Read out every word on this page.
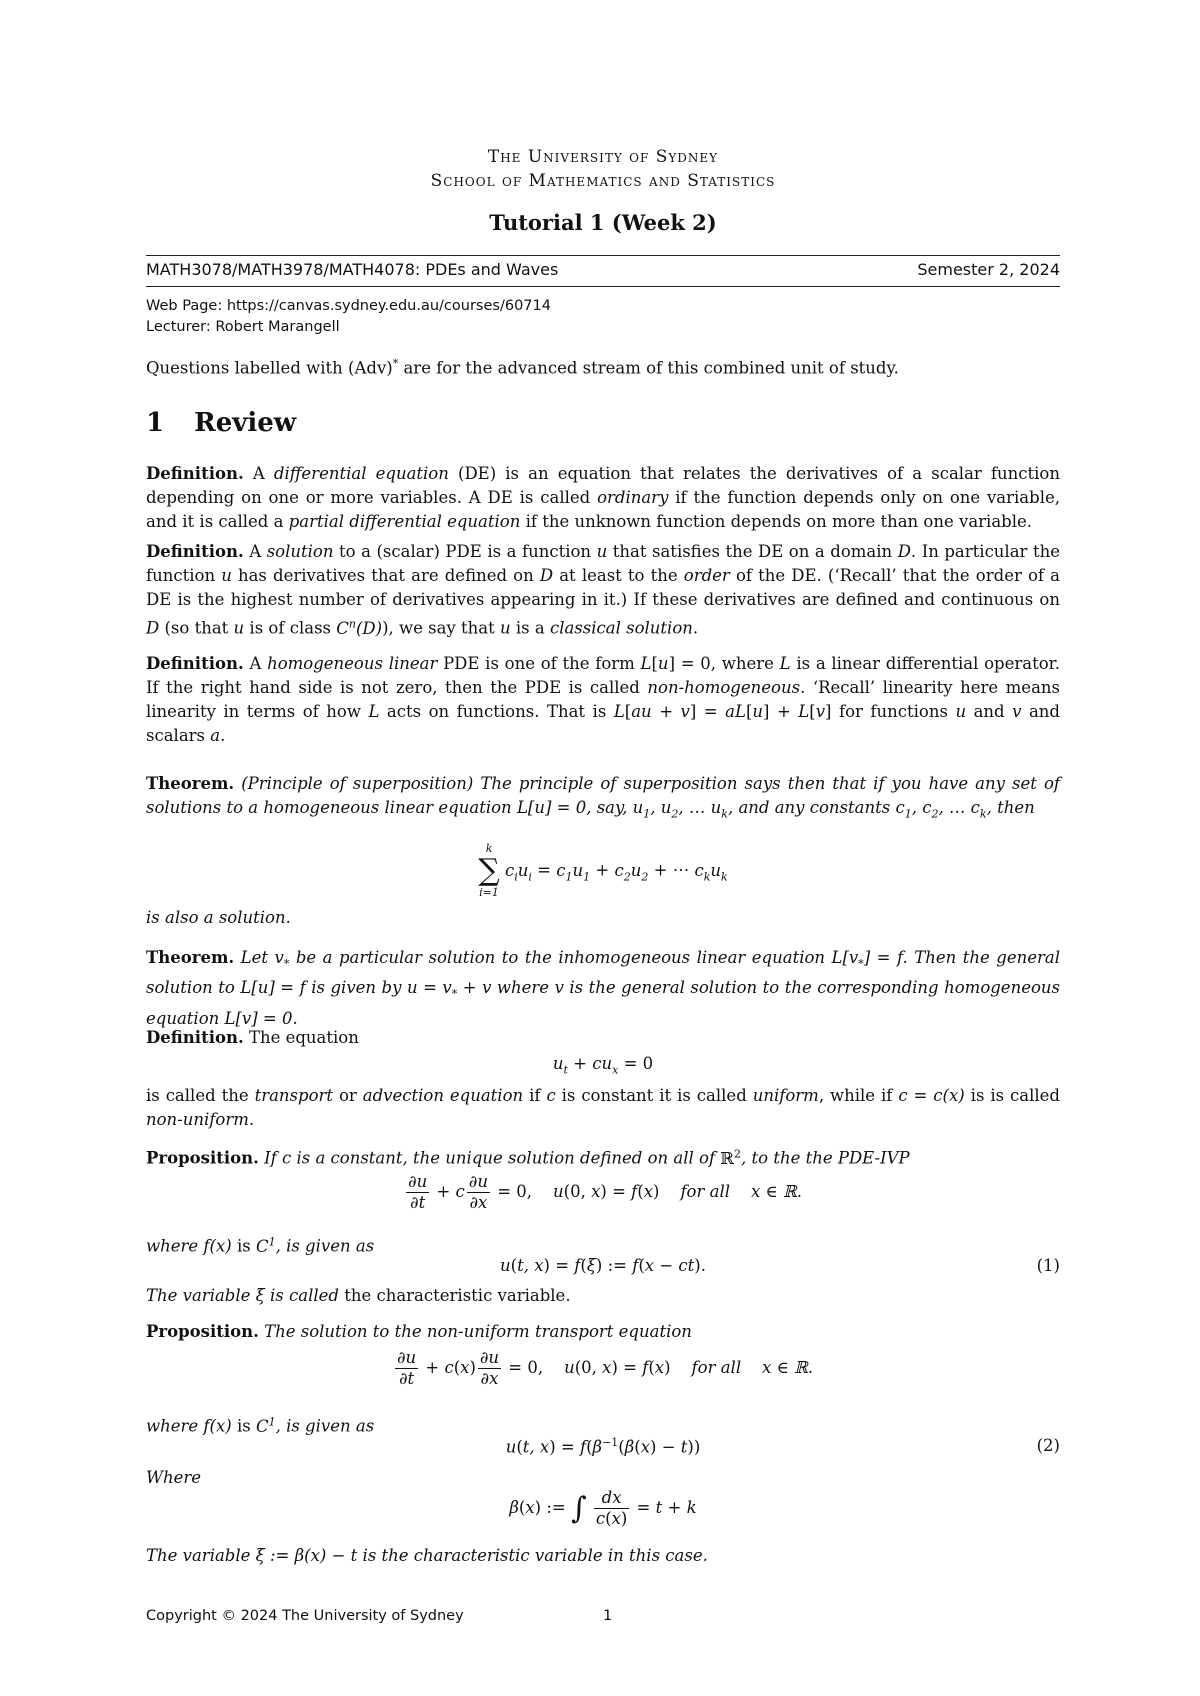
The University of Sydney
School of Mathematics and Statistics
Tutorial 1 (Week 2)
MATH3078/MATH3978/MATH4078: PDEs and Waves	Semester 2, 2024
Web Page: https://canvas.sydney.edu.au/courses/60714
Lecturer: Robert Marangell

Questions labelled with (Adv)* are for the advanced stream of this combined unit of study.

1 Review

Definition. A differential equation (DE) is an equation that relates the derivatives of a scalar function depending on one or more variables. A DE is called ordinary if the function depends only on one variable, and it is called a partial differential equation if the unknown function depends on more than one variable.

Definition. A solution to a (scalar) PDE is a function u that satisfies the DE on a domain D. In particular the function u has derivatives that are defined on D at least to the order of the DE. (‘Recall’ that the order of a DE is the highest number of derivatives appearing in it.) If these derivatives are defined and continuous on D (so that u is of class $C^n(D)$), we say that u is a classical solution.

Definition. A homogeneous linear PDE is one of the form L[u] = 0, where L is a linear differential operator. If the right hand side is not zero, then the PDE is called non-homogeneous. ‘Recall’ linearity here means linearity in terms of how L acts on functions. That is L[au + v] = aL[u] + L[v] for functions u and v and scalars a.

Theorem. (Principle of superposition) The principle of superposition says then that if you have any set of solutions to a homogeneous linear equation L[u] = 0, say, $u_1$, $u_2$, … $u_k$, and any constants $c_1$, $c_2$, … $c_k$, then

k
∑
i=1
$c_iu_i = c_1u_1 + c_2u_2$ + ⋯ $c_ku_k$

is also a solution.

Theorem. Let $v_*$ be a particular solution to the inhomogeneous linear equation $L[v_*] = f$. Then the general solution to L[u] = f is given by $u = v_* + v$ where v is the general solution to the corresponding homogeneous equation L[v] = 0.

Definition. The equation

$u_t + cu_x = 0$

is called the transport or advection equation if c is constant it is called uniform, while if c = c(x) is is called non-uniform.

Proposition. If c is a constant, the unique solution defined on all of ℝ$^2$, to the the PDE-IVP

$\frac{\partial u}{\partial t} + c \frac{\partial u}{\partial x} = 0$,    u(0, x) = f(x)    for all x ∈ ℝ.

where f(x) is $C^1$, is given as

u(t, x) = f(ξ) := f(x − ct).	(1)

The variable ξ is called the characteristic variable.

Proposition. The solution to the non-uniform transport equation

$\frac{\partial u}{\partial t} + c(x) \frac{\partial u}{\partial x} = 0$,    u(0, x) = f(x)    for all x ∈ ℝ.

where f(x) is $C^1$, is given as

u(t, $x) = f(\beta^{-1}(\beta(x) - t))$	(2)

Where

β(x) := ∫ $\frac{dx}{c(x)} = t + k$

The variable ξ := β(x) − t is the characteristic variable in this case.

Copyright © 2024 The University of Sydney	1
